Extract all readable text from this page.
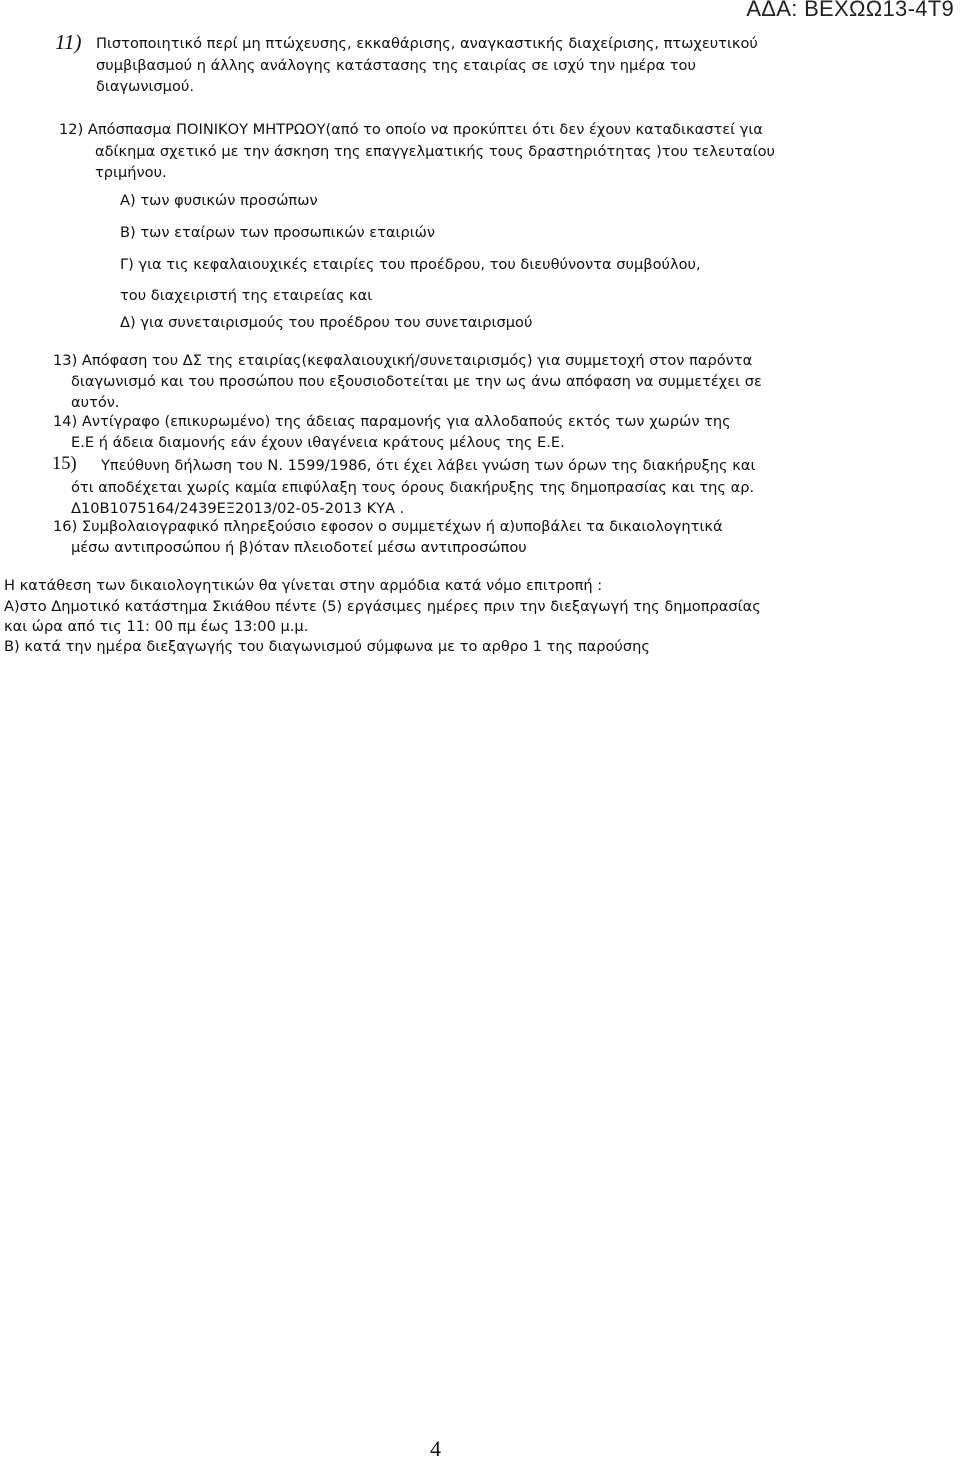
ΑΔΑ: ΒΕΧΩΩ13-4Τ9
11) Πιστοποιητικό περί μη πτώχευσης, εκκαθάρισης, αναγκαστικής διαχείρισης, πτωχευτικού
συμβιβασμού η άλλης ανάλογης κατάστασης της εταιρίας σε ισχύ την ημέρα του
διαγωνισμού.
12) Απόσπασμα ΠΟΙΝΙΚΟΥ ΜΗΤΡΩΟΥ(από το οποίο να προκύπτει ότι δεν έχουν καταδικαστεί για
αδίκημα σχετικό με την άσκηση της επαγγελματικής τους δραστηριότητας )του τελευταίου
τριμήνου.
Α) των φυσικών προσώπων
Β) των εταίρων των προσωπικών εταιριών
Γ) για τις κεφαλαιουχικές εταιρίες του προέδρου, του διευθύνοντα συμβούλου,
του διαχειριστή της εταιρείας και
Δ) για συνεταιρισμούς του προέδρου του συνεταιρισμού
13) Απόφαση του ΔΣ της εταιρίας(κεφαλαιουχική/συνεταιρισμός) για συμμετοχή στον παρόντα
διαγωνισμό και του προσώπου που εξουσιοδοτείται με την ως άνω απόφαση να συμμετέχει σε
αυτόν.
14) Αντίγραφο (επικυρωμένο) της άδειας παραμονής για αλλοδαπούς εκτός των χωρών της
Ε.Ε ή άδεια διαμονής εάν έχουν ιθαγένεια κράτους μέλους της Ε.Ε.
15) Υπεύθυνη δήλωση του Ν. 1599/1986, ότι έχει λάβει γνώση των όρων της διακήρυξης και
ότι αποδέχεται χωρίς καμία επιφύλαξη τους όρους διακήρυξης της δημοπρασίας και της αρ.
Δ10Β1075164/2439ΕΞ2013/02-05-2013 ΚΥΑ .
16) Συμβολαιογραφικό πληρεξούσιο εφοσον ο συμμετέχων ή α)υποβάλει τα δικαιολογητικά
μέσω αντιπροσώπου ή β)όταν πλειοδοτεί μέσω αντιπροσώπου
Η κατάθεση των δικαιολογητικών θα γίνεται στην αρμόδια κατά νόμο επιτροπή :
Α)στο Δημοτικό κατάστημα Σκιάθου πέντε (5) εργάσιμες ημέρες πριν την διεξαγωγή της δημοπρασίας
και ώρα από τις 11: 00 πμ έως 13:00 μ.μ.
Β) κατά την ημέρα διεξαγωγής του διαγωνισμού σύμφωνα με το αρθρο 1 της παρούσης
4
